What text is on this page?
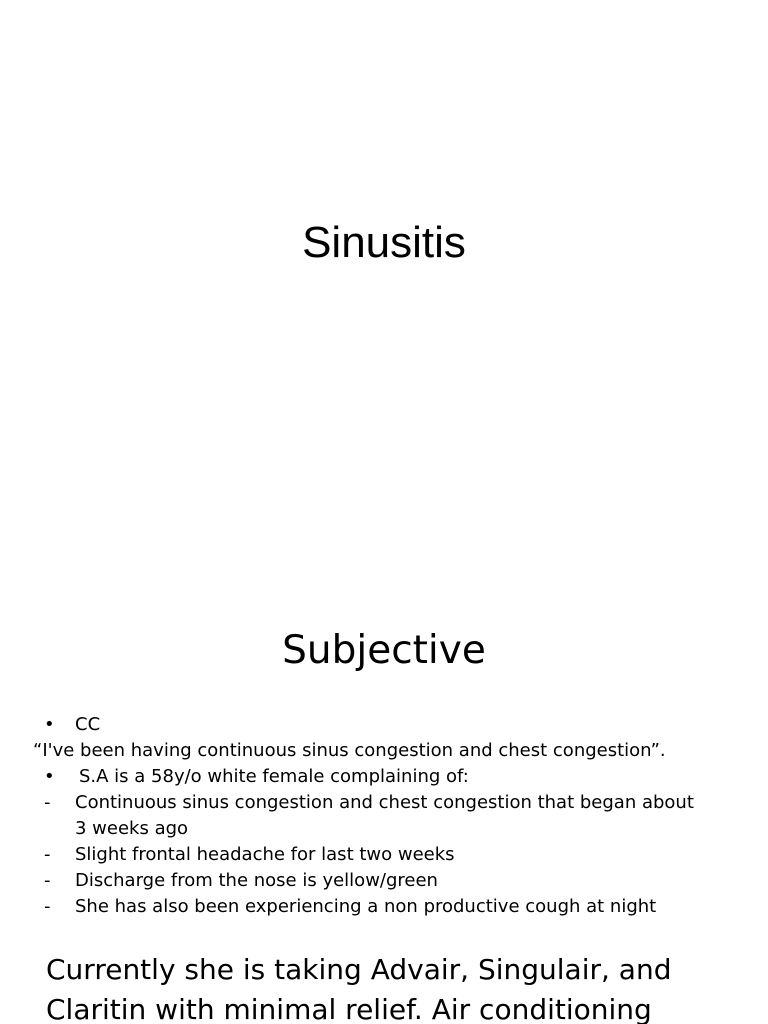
Sinusitis
Subjective
•	CC
“I've been having continuous sinus congestion and chest congestion”.
•	S.A is a 58y/o white female complaining of:
-	Continuous sinus congestion and chest congestion that began about 3 weeks ago
-	Slight frontal headache for last two weeks
-	Discharge from the nose is yellow/green
-	She has also been experiencing a non productive cough at night
Currently she is taking Advair, Singulair, and
Claritin with minimal relief. Air conditioning
